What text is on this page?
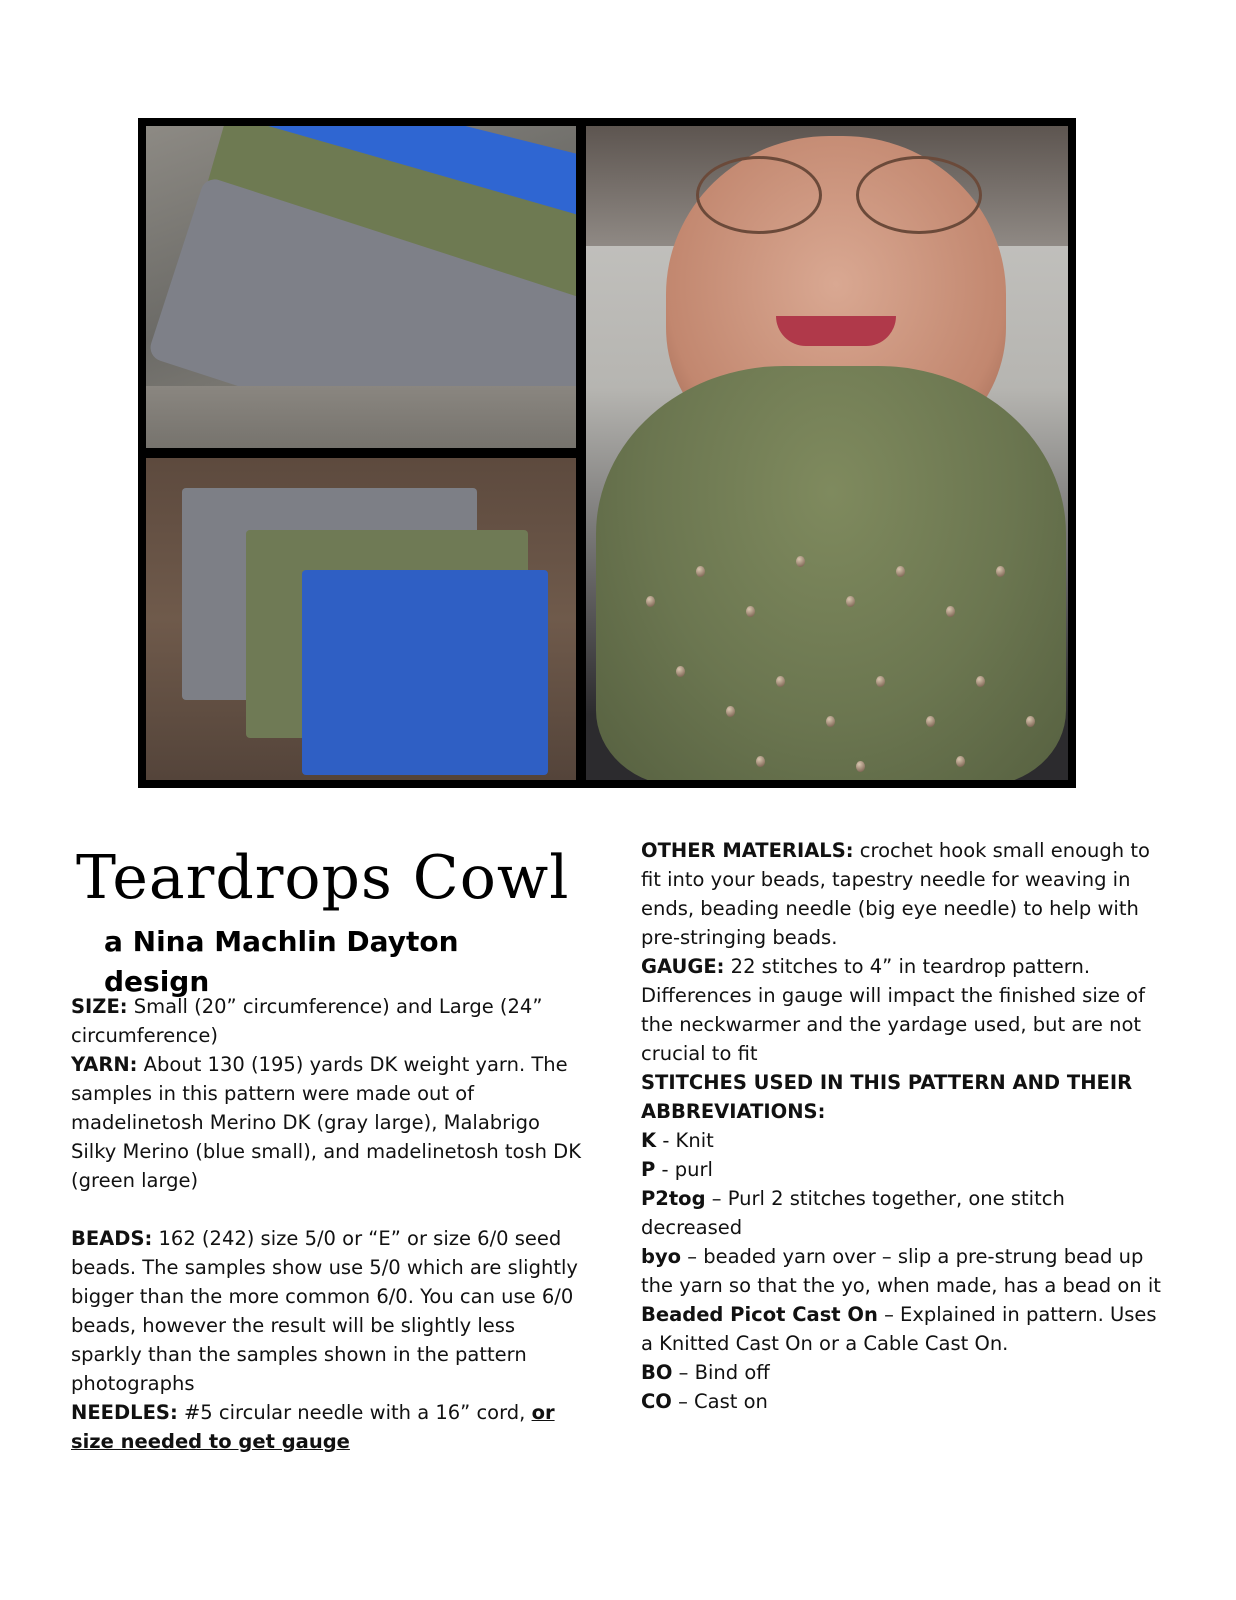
Teardrops Cowl
a Nina Machlin Dayton design

SIZE: Small (20” circumference) and Large (24” circumference)

YARN: About 130 (195) yards DK weight yarn. The samples in this pattern were made out of madelinetosh Merino DK (gray large), Malabrigo Silky Merino (blue small), and madelinetosh tosh DK (green large)

BEADS: 162 (242) size 5/0 or “E” or size 6/0 seed beads. The samples show use 5/0 which are slightly bigger than the more common 6/0. You can use 6/0 beads, however the result will be slightly less sparkly than the samples shown in the pattern photographs

NEEDLES: #5 circular needle with a 16” cord, or size needed to get gauge

OTHER MATERIALS: crochet hook small enough to fit into your beads, tapestry needle for weaving in ends, beading needle (big eye needle) to help with pre-stringing beads.

GAUGE: 22 stitches to 4” in teardrop pattern. Differences in gauge will impact the finished size of the neckwarmer and the yardage used, but are not crucial to fit

STITCHES USED IN THIS PATTERN AND THEIR ABBREVIATIONS:

K - Knit

P - purl

P2tog – Purl 2 stitches together, one stitch decreased

byo – beaded yarn over – slip a pre-strung bead up the yarn so that the yo, when made, has a bead on it

Beaded Picot Cast On – Explained in pattern. Uses a Knitted Cast On or a Cable Cast On.

BO – Bind off

CO – Cast on
